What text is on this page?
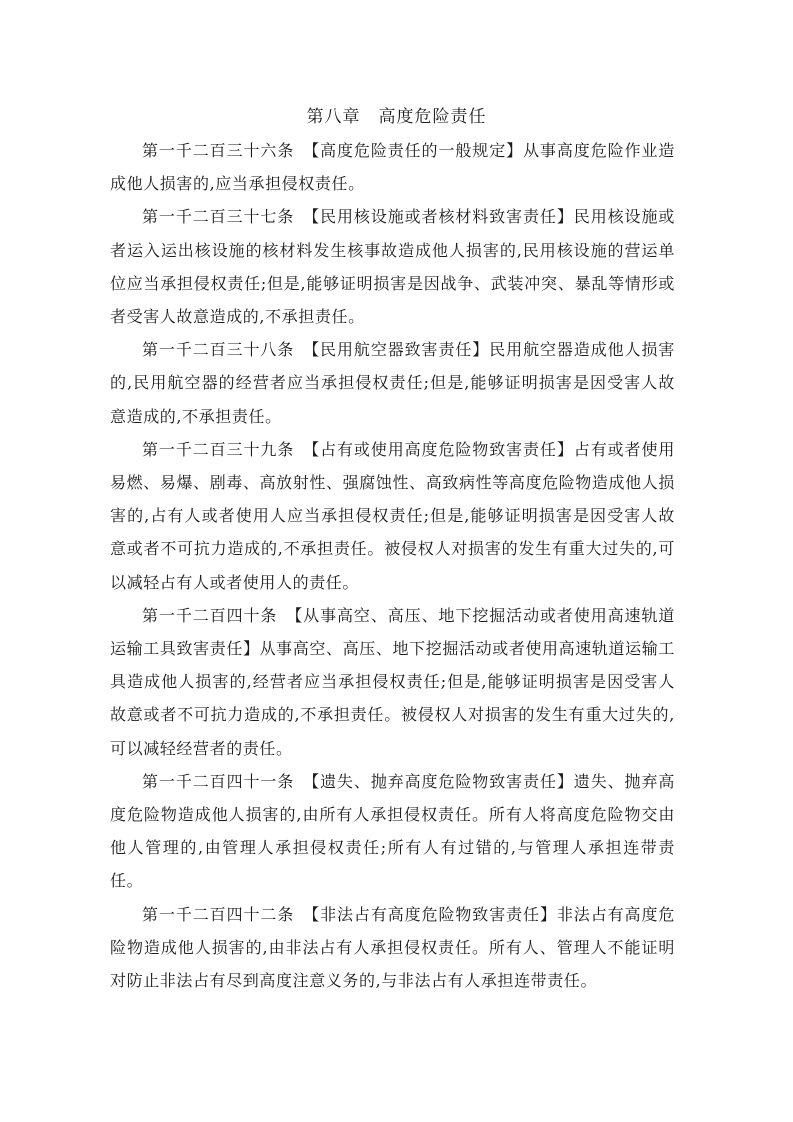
第八章　高度危险责任

第一千二百三十六条　【高度危险责任的一般规定】从事高度危险作业造成他人损害的,应当承担侵权责任。

第一千二百三十七条　【民用核设施或者核材料致害责任】民用核设施或者运入运出核设施的核材料发生核事故造成他人损害的,民用核设施的营运单位应当承担侵权责任;但是,能够证明损害是因战争、武装冲突、暴乱等情形或者受害人故意造成的,不承担责任。

第一千二百三十八条　【民用航空器致害责任】民用航空器造成他人损害的,民用航空器的经营者应当承担侵权责任;但是,能够证明损害是因受害人故意造成的,不承担责任。

第一千二百三十九条　【占有或使用高度危险物致害责任】占有或者使用易燃、易爆、剧毒、高放射性、强腐蚀性、高致病性等高度危险物造成他人损害的,占有人或者使用人应当承担侵权责任;但是,能够证明损害是因受害人故意或者不可抗力造成的,不承担责任。被侵权人对损害的发生有重大过失的,可以减轻占有人或者使用人的责任。

第一千二百四十条　【从事高空、高压、地下挖掘活动或者使用高速轨道运输工具致害责任】从事高空、高压、地下挖掘活动或者使用高速轨道运输工具造成他人损害的,经营者应当承担侵权责任;但是,能够证明损害是因受害人故意或者不可抗力造成的,不承担责任。被侵权人对损害的发生有重大过失的,可以减轻经营者的责任。

第一千二百四十一条　【遗失、抛弃高度危险物致害责任】遗失、抛弃高度危险物造成他人损害的,由所有人承担侵权责任。所有人将高度危险物交由他人管理的,由管理人承担侵权责任;所有人有过错的,与管理人承担连带责任。

第一千二百四十二条　【非法占有高度危险物致害责任】非法占有高度危险物造成他人损害的,由非法占有人承担侵权责任。所有人、管理人不能证明对防止非法占有尽到高度注意义务的,与非法占有人承担连带责任。
